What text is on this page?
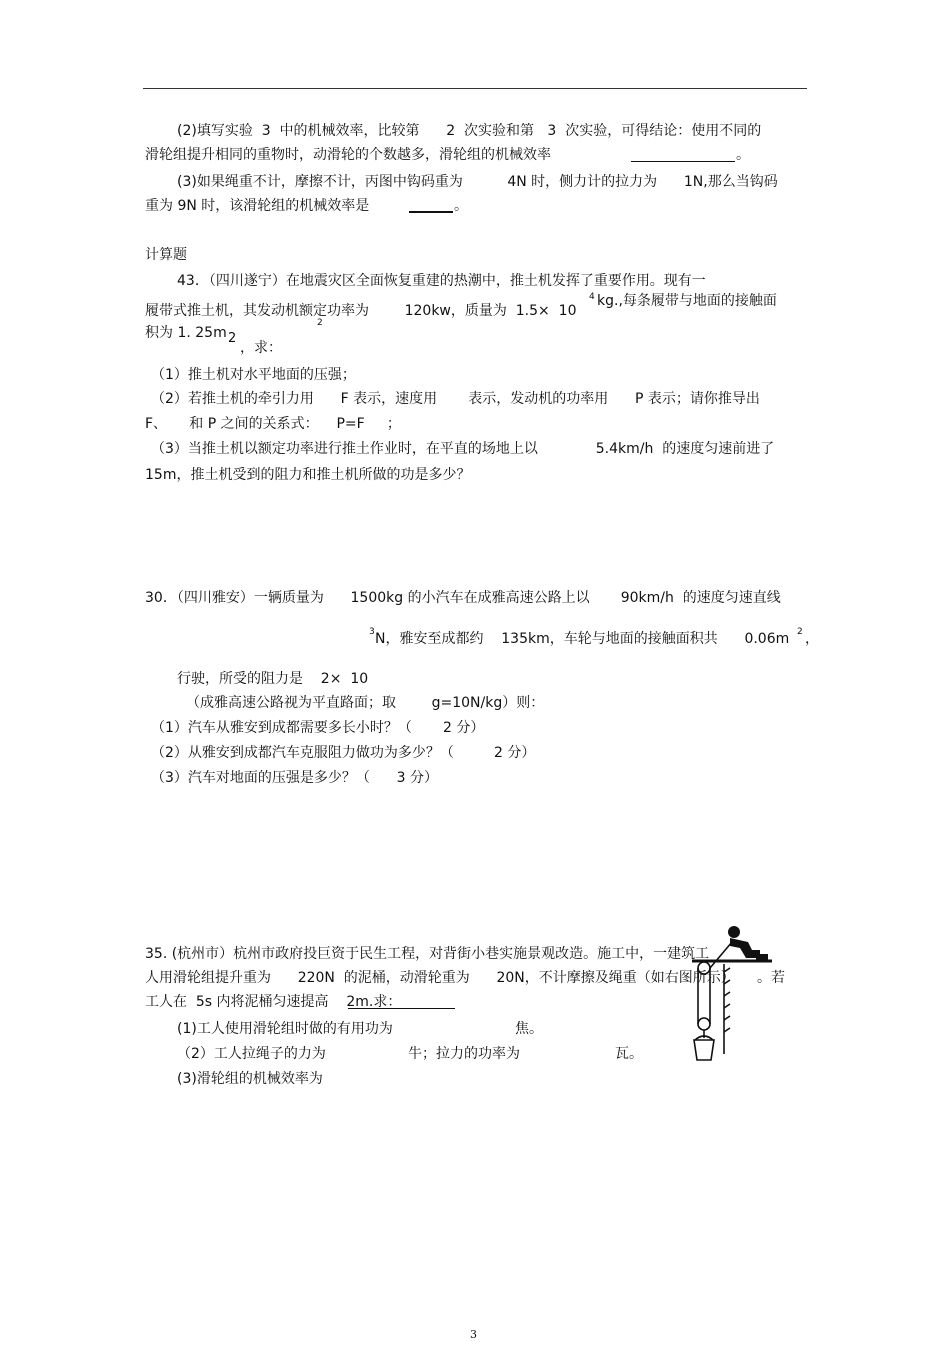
(2)填写实验  3  中的机械效率，比较第      2  次实验和第   3  次实验，可得结论：使用不同的
滑轮组提升相同的重物时，动滑轮的个数越多，滑轮组的机械效率	。
(3)如果绳重不计，摩擦不计，丙图中钩码重为          4N 时，侧力计的拉力为      1N,那么当钩码
重为 9N 时，该滑轮组的机械效率是	。
计算题
43．（四川遂宁）在地震灾区全面恢复重建的热潮中，推土机发挥了重要作用。现有一
履带式推土机，其发动机额定功率为        120kw，质量为  1.5×  10
4 kg.,每条履带与地面的接触面
积为 1. 25m
2
2
，求：
（1）推土机对水平地面的压强；
（2）若推土机的牵引力用      F 表示，速度用       表示，发动机的功率用      P 表示；请你推导出
F、     和 P 之间的关系式：    P=F     ；
（3）当推土机以额定功率进行推土作业时，在平直的场地上以             5.4km/h  的速度匀速前进了
15m，推土机受到的阻力和推土机所做的功是多少？
30．（四川雅安）一辆质量为      1500kg 的小汽车在成雅高速公路上以       90km/h  的速度匀速直线
3 N，雅安至成都约    135km，车轮与地面的接触面积共      0.06m 2 ，
行驶，所受的阻力是    2×  10
（成雅高速公路视为平直路面；取        g=10N/kg）则：
（1）汽车从雅安到成都需要多长小时？（       2 分）
（2）从雅安到成都汽车克服阻力做功为多少？（         2 分）
（3）汽车对地面的压强是多少？（      3 分）
35. (杭州市）杭州市政府投巨资于民生工程，对背街小巷实施景观改造。施工中，一建筑工
人用滑轮组提升重为      220N  的泥桶，动滑轮重为      20N，不计摩擦及绳重（如右图所示）     。若
工人在  5s 内将泥桶匀速提高    2m.求：
(1)工人使用滑轮组时做的有用功为	焦。
（2）工人拉绳子的力为	牛；拉力的功率为	瓦。
(3)滑轮组的机械效率为
3
